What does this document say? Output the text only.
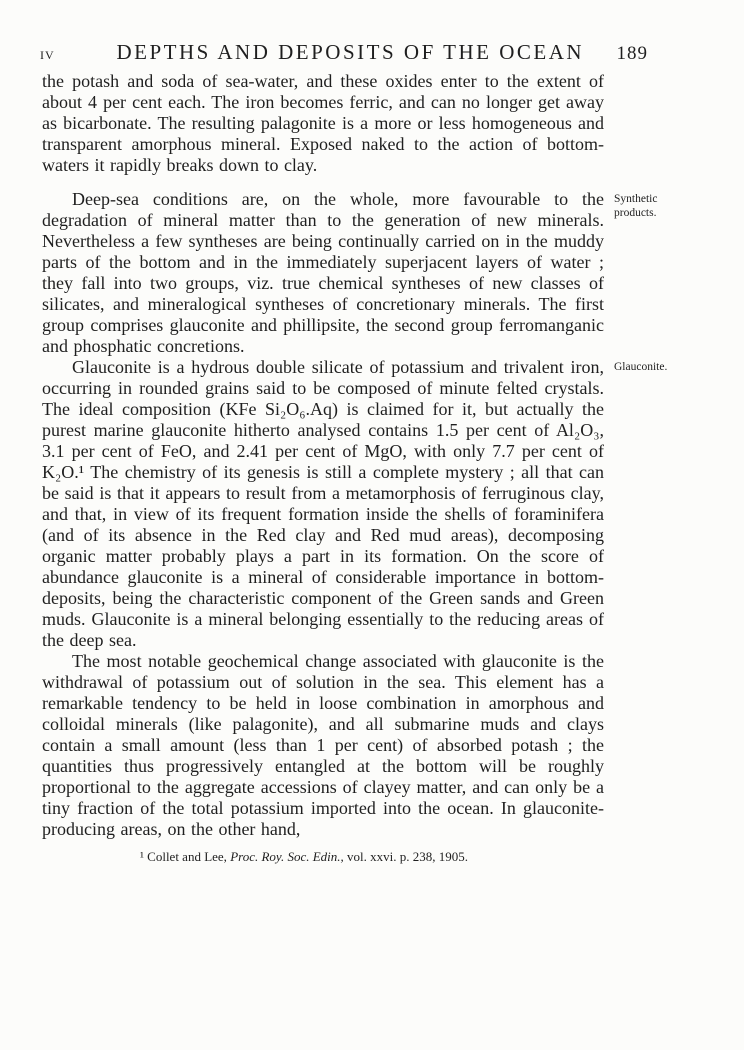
IV	DEPTHS AND DEPOSITS OF THE OCEAN	189

the potash and soda of sea-water, and these oxides enter to the extent of about 4 per cent each. The iron becomes ferric, and can no longer get away as bicarbonate. The resulting palagonite is a more or less homogeneous and transparent amorphous mineral. Exposed naked to the action of bottom-waters it rapidly breaks down to clay.

Deep-sea conditions are, on the whole, more favourable to the degradation of mineral matter than to the generation of new minerals. Nevertheless a few syntheses are being continually carried on in the muddy parts of the bottom and in the immediately superjacent layers of water ; they fall into two groups, viz. true chemical syntheses of new classes of silicates, and mineralogical syntheses of concretionary minerals. The first group comprises glauconite and phillipsite, the second group ferromanganic and phosphatic concretions.

Synthetic products.

Glauconite is a hydrous double silicate of potassium and trivalent iron, occurring in rounded grains said to be composed of minute felted crystals. The ideal composition (KFe Si₂O₆.Aq) is claimed for it, but actually the purest marine glauconite hitherto analysed contains 1.5 per cent of Al₂O₃, 3.1 per cent of FeO, and 2.41 per cent of MgO, with only 7.7 per cent of K₂O.¹ The chemistry of its genesis is still a complete mystery ; all that can be said is that it appears to result from a metamorphosis of ferruginous clay, and that, in view of its frequent formation inside the shells of foraminifera (and of its absence in the Red clay and Red mud areas), decomposing organic matter probably plays a part in its formation. On the score of abundance glauconite is a mineral of considerable importance in bottom-deposits, being the characteristic component of the Green sands and Green muds. Glauconite is a mineral belonging essentially to the reducing areas of the deep sea.

Glauconite.

The most notable geochemical change associated with glauconite is the withdrawal of potassium out of solution in the sea. This element has a remarkable tendency to be held in loose combination in amorphous and colloidal minerals (like palagonite), and all submarine muds and clays contain a small amount (less than 1 per cent) of absorbed potash ; the quantities thus progressively entangled at the bottom will be roughly proportional to the aggregate accessions of clayey matter, and can only be a tiny fraction of the total potassium imported into the ocean. In glauconite-producing areas, on the other hand,

¹ Collet and Lee, Proc. Roy. Soc. Edin., vol. xxvi. p. 238, 1905.
